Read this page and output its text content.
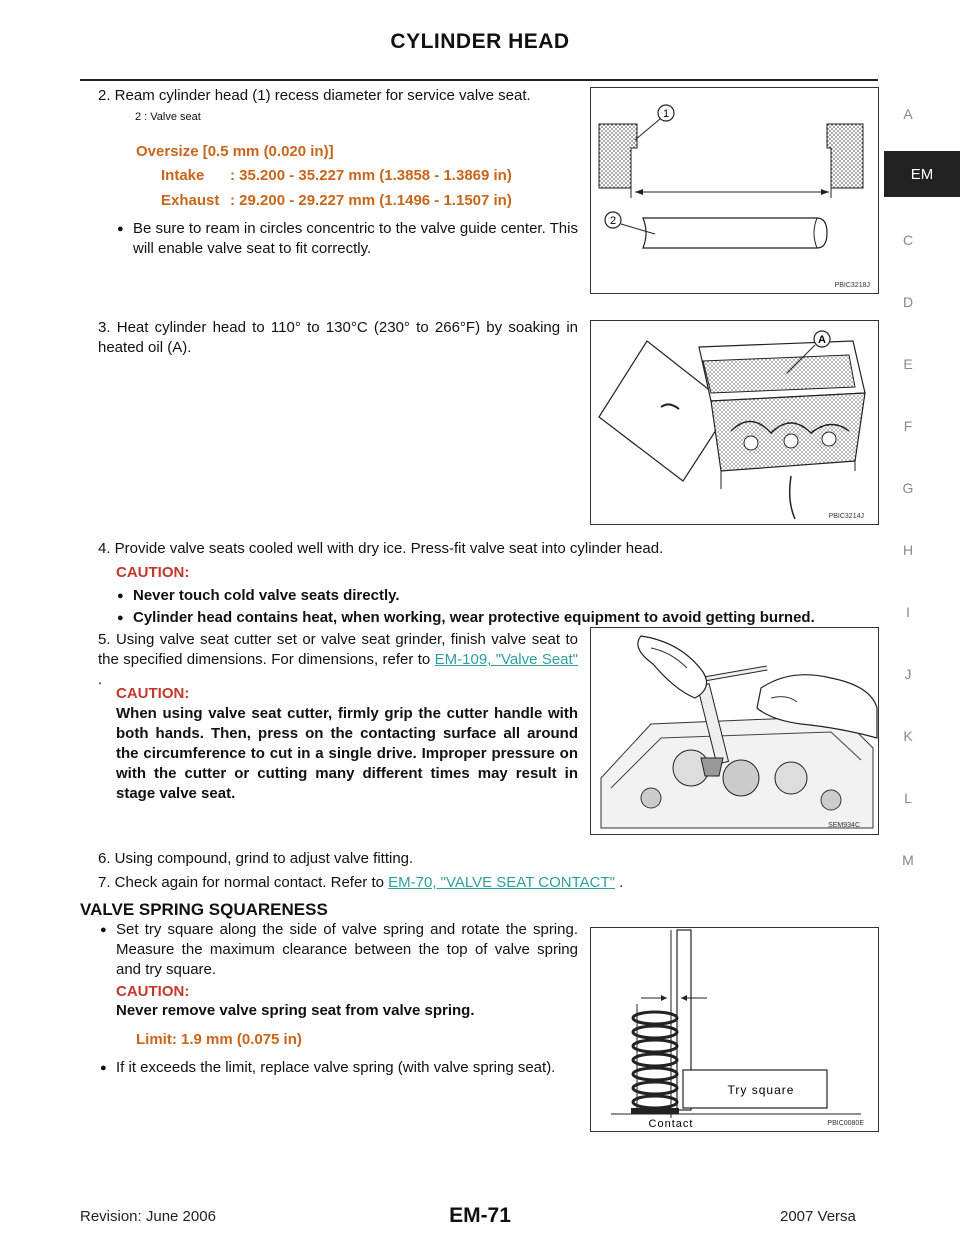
CYLINDER HEAD
A
EM
C
D
E
F
G
H
I
J
K
L
M
2. Ream cylinder head (1) recess diameter for service valve seat.
2 : Valve seat
Oversize [0.5 mm (0.020 in)]
Intake : 35.200 - 35.227 mm (1.3858 - 1.3869 in)
Exhaust : 29.200 - 29.227 mm (1.1496 - 1.1507 in)
● Be sure to ream in circles concentric to the valve guide center. This will enable valve seat to fit correctly.
1
2
PBIC3218J
3. Heat cylinder head to 110° to 130°C (230° to 266°F) by soaking in heated oil (A).	A
PBIC3214J
4. Provide valve seats cooled well with dry ice. Press-fit valve seat into cylinder head.
CAUTION:
● Never touch cold valve seats directly.
● Cylinder head contains heat, when working, wear protective equipment to avoid getting burned.
5. Using valve seat cutter set or valve seat grinder, finish valve seat to the specified dimensions. For dimensions, refer to EM-109, "Valve Seat" .
CAUTION:
When using valve seat cutter, firmly grip the cutter handle with both hands. Then, press on the contacting surface all around the circumference to cut in a single drive. Improper pressure on with the cutter or cutting many different times may result in stage valve seat.
SEM934C
6. Using compound, grind to adjust valve fitting.
7. Check again for normal contact. Refer to EM-70, "VALVE SEAT CONTACT" .
VALVE SPRING SQUARENESS
● Set try square along the side of valve spring and rotate the spring. Measure the maximum clearance between the top of valve spring and try square.
CAUTION:
Never remove valve spring seat from valve spring.
Limit: 1.9 mm (0.075 in)
● If it exceeds the limit, replace valve spring (with valve spring seat).
Try square
Contact	PBIC0080E
Revision: June 2006	EM-71	2007 Versa
